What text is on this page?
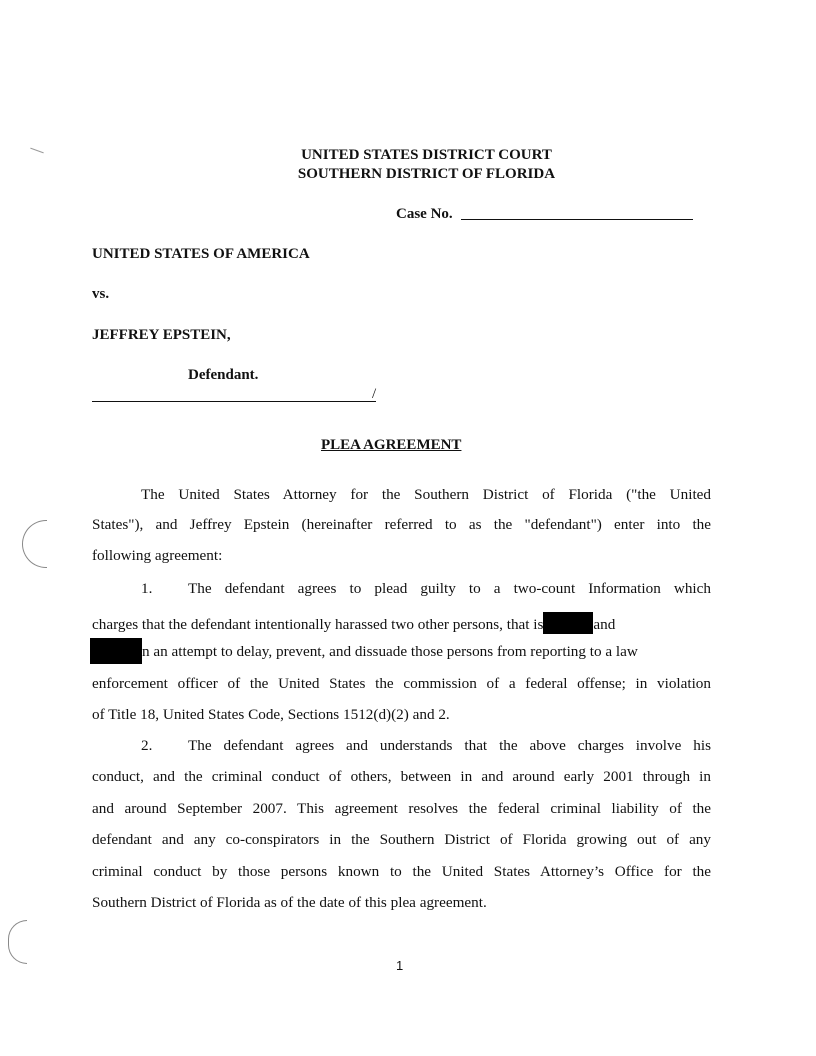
UNITED STATES DISTRICT COURT
SOUTHERN DISTRICT OF FLORIDA
Case No.
UNITED STATES OF AMERICA
vs.
JEFFREY EPSTEIN,
Defendant.
/
PLEA AGREEMENT
The United States Attorney for the Southern District of Florida ("the United
States"), and Jeffrey Epstein (hereinafter referred to as the "defendant") enter into the
following agreement:
1.	The defendant agrees to plead guilty to a two-count Information which
charges that the defendant intentionally harassed two other persons, that is	and
n an attempt to delay, prevent, and dissuade those persons from reporting to a law
enforcement officer of the United States the commission of a federal offense; in violation
of Title 18, United States Code, Sections 1512(d)(2) and 2.
2.	The defendant agrees and understands that the above charges involve his
conduct, and the criminal conduct of others, between in and around early 2001 through in
and around September 2007. This agreement resolves the federal criminal liability of the
defendant and any co-conspirators in the Southern District of Florida growing out of any
criminal conduct by those persons known to the United States Attorney’s Office for the
Southern District of Florida as of the date of this plea agreement.
1
